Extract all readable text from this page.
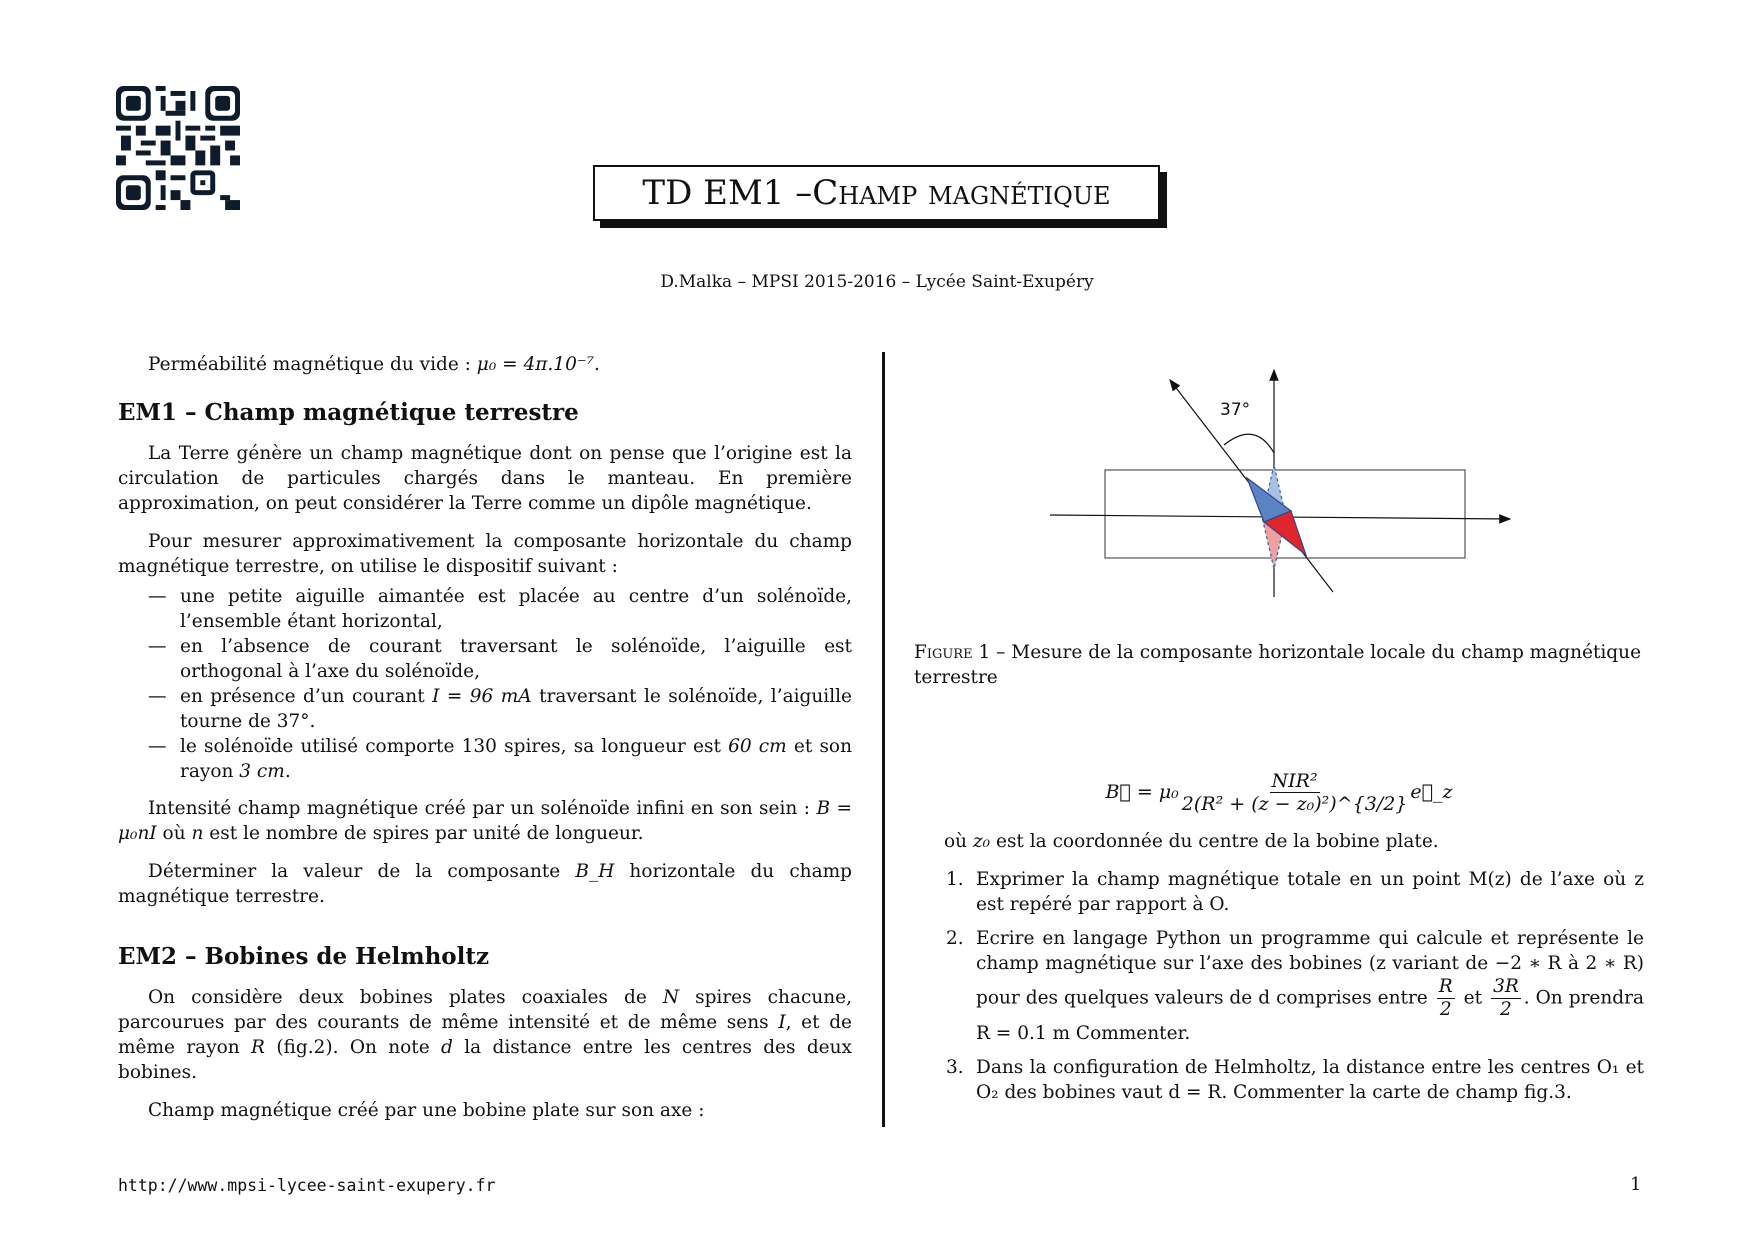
TD EM1 – Champ magnétique
D.Malka – MPSI 2015-2016 – Lycée Saint-Exupéry

Perméabilité magnétique du vide : μ₀ = 4π.10⁻⁷.

EM1 – Champ magnétique terrestre

La Terre génère un champ magnétique dont on pense que l’origine est la circulation de particules chargés dans le manteau. En première approximation, on peut considérer la Terre comme un dipôle magnétique.

Pour mesurer approximativement la composante horizontale du champ magnétique terrestre, on utilise le dispositif suivant :

— une petite aiguille aimantée est placée au centre d’un solénoïde, l’ensemble étant horizontal,
— en l’absence de courant traversant le solénoïde, l’aiguille est orthogonal à l’axe du solénoïde,
— en présence d’un courant I = 96 mA traversant le solénoïde, l’aiguille tourne de 37°.
— le solénoïde utilisé comporte 130 spires, sa longueur est 60 cm et son rayon 3 cm.

Intensité champ magnétique créé par un solénoïde infini en son sein : B = μ₀nI où n est le nombre de spires par unité de longueur.

Déterminer la valeur de la composante B_H horizontale du champ magnétique terrestre.

EM2 – Bobines de Helmholtz

On considère deux bobines plates coaxiales de N spires chacune, parcourues par des courants de même intensité et de même sens I, et de même rayon R (fig.2). On note d la distance entre les centres des deux bobines.

Champ magnétique créé par une bobine plate sur son axe :

37°
Figure 1 – Mesure de la composante horizontale locale du champ magnétique terrestre
B⃗ = $\mu_0 \frac{\text{NIR²}}{\text{2(R² + (z − z₀)²)\textasciicircum{}\{3/2\}}}$ e⃗_z

où z₀ est la coordonnée du centre de la bobine plate.

1. Exprimer la champ magnétique totale en un point M(z) de l’axe où z est repéré par rapport à O.
2. Ecrire en langage Python un programme qui calcule et représente le champ magnétique sur l’axe des bobines (z variant de −2 ∗ R à 2 ∗ R) pour des quelques valeurs de d comprises entre $\frac{R}{2}$ et $\frac{3R}{2}$ . On prendra R = 0.1 m Commenter.
3. Dans la configuration de Helmholtz, la distance entre les centres O₁ et O₂ des bobines vaut d = R. Commenter la carte de champ fig.3.
http://www.mpsi-lycee-saint-exupery.fr	1
